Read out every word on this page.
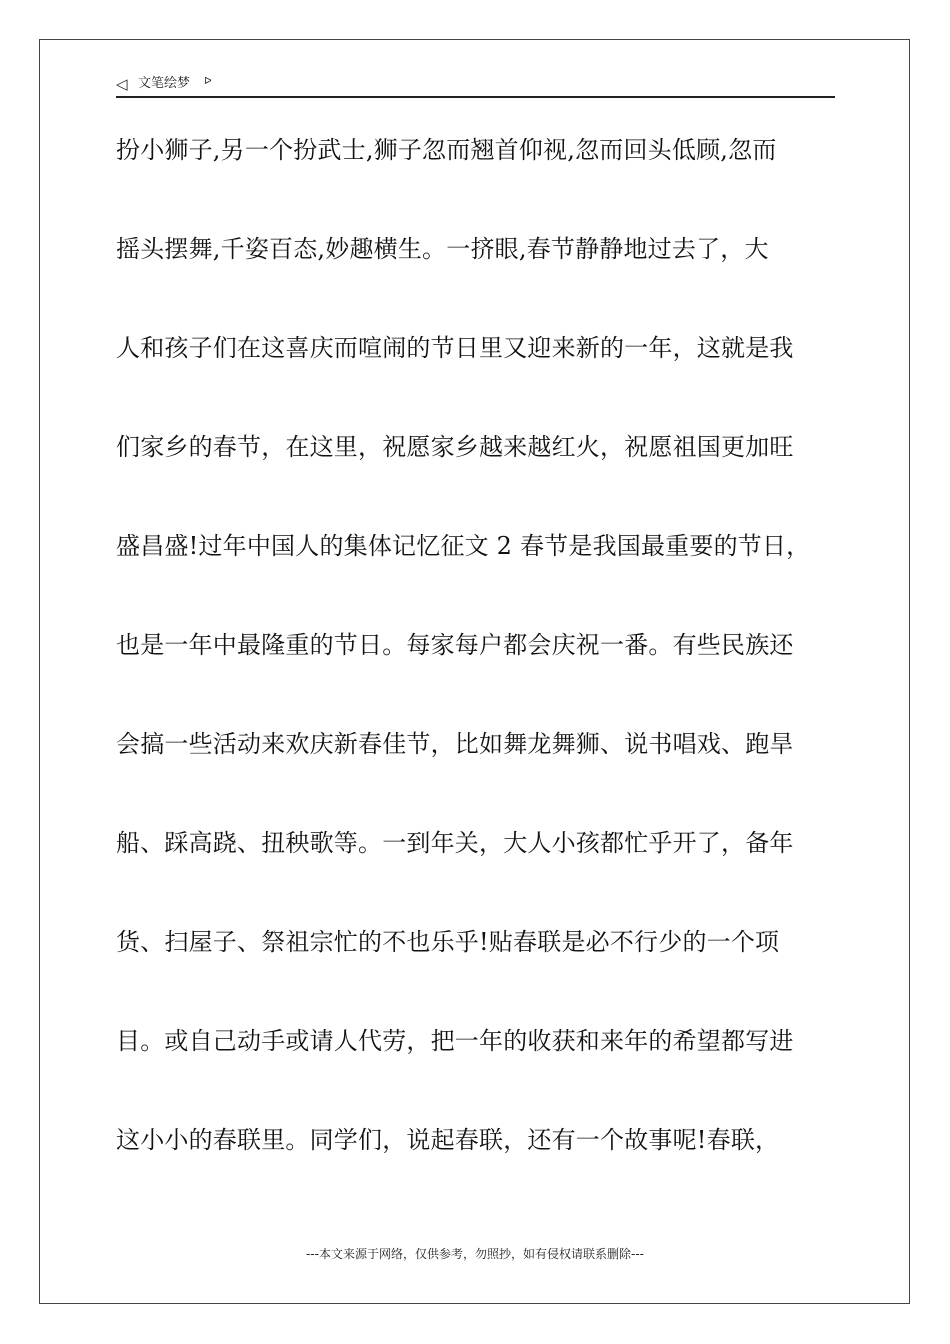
◁ 文笔绘梦 ᐅ
扮小狮子,另一个扮武士,狮子忽而翘首仰视,忽而回头低顾,忽而
摇头摆舞,千姿百态,妙趣横生。一挤眼,春节静静地过去了，大
人和孩子们在这喜庆而喧闹的节日里又迎来新的一年，这就是我
们家乡的春节，在这里，祝愿家乡越来越红火，祝愿祖国更加旺
盛昌盛!过年中国人的集体记忆征文 2 春节是我国最重要的节日，
也是一年中最隆重的节日。每家每户都会庆祝一番。有些民族还
会搞一些活动来欢庆新春佳节，比如舞龙舞狮、说书唱戏、跑旱
船、踩高跷、扭秧歌等。一到年关，大人小孩都忙乎开了，备年
货、扫屋子、祭祖宗忙的不也乐乎!贴春联是必不行少的一个项
目。或自己动手或请人代劳，把一年的收获和来年的希望都写进
这小小的春联里。同学们，说起春联，还有一个故事呢!春联，
---本文来源于网络，仅供参考，勿照抄，如有侵权请联系删除---
